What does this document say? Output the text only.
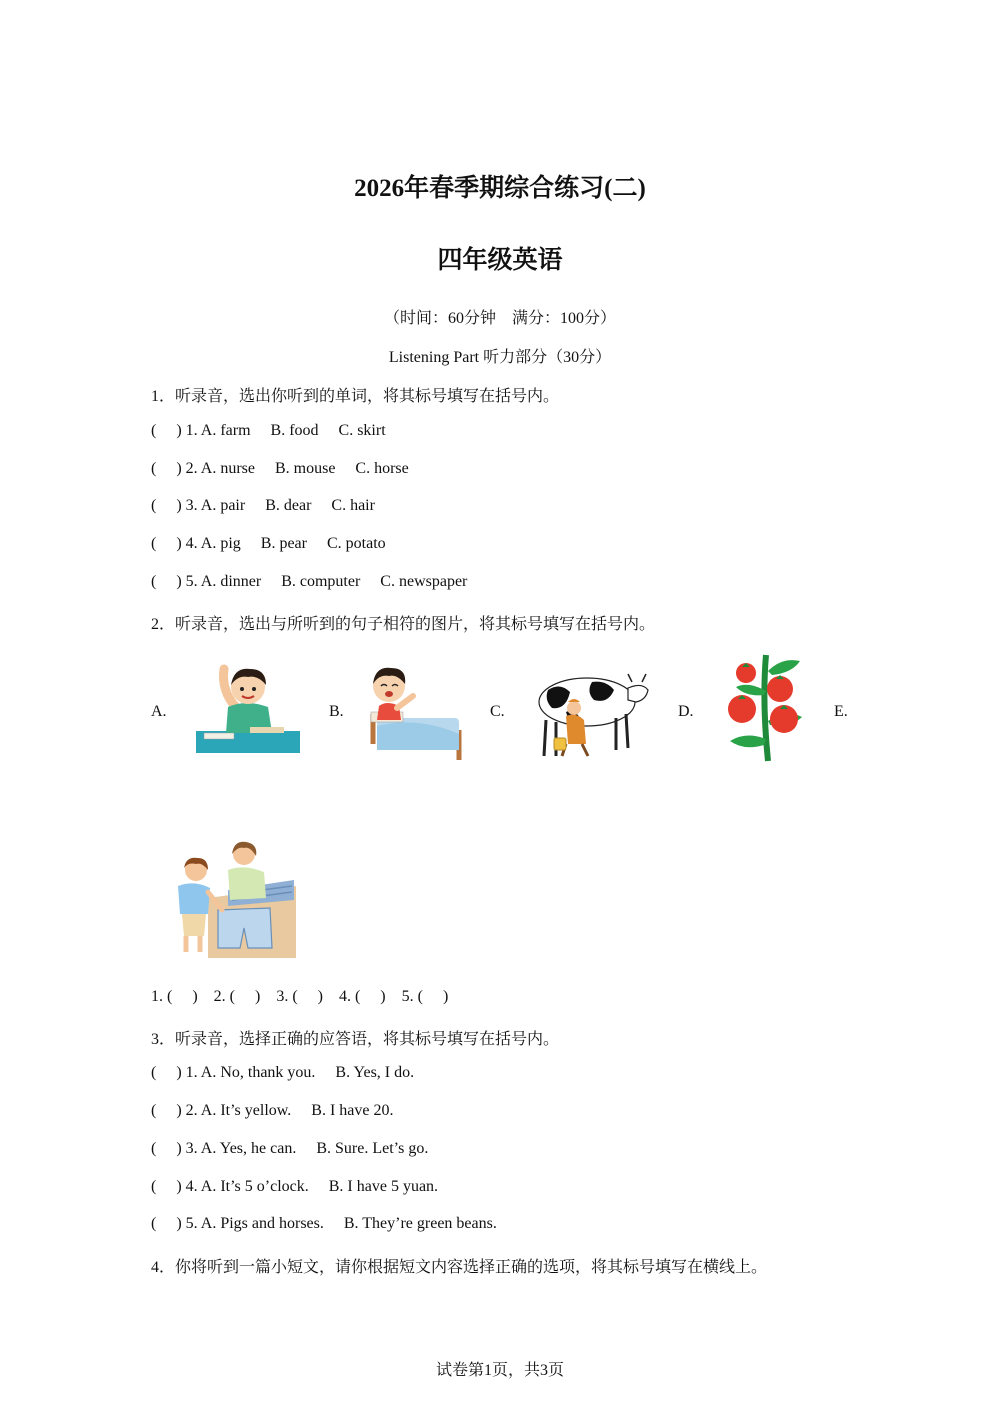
2026年春季期综合练习(二)
四年级英语
（时间：60分钟　满分：100分）
Listening Part 听力部分（30分）
1．听录音，选出你听到的单词，将其标号填写在括号内。
(     ) 1. A. farm     B. food     C. skirt
(     ) 2. A. nurse     B. mouse     C. horse
(     ) 3. A. pair     B. dear     C. hair
(     ) 4. A. pig     B. pear     C. potato
(     ) 5. A. dinner     B. computer     C. newspaper
2．听录音，选出与所听到的句子相符的图片，将其标号填写在括号内。
A.	B.	C.	D.	E.
1. (     )    2. (     )    3. (     )    4. (     )    5. (     )
3．听录音，选择正确的应答语，将其标号填写在括号内。
(     ) 1. A. No, thank you.     B. Yes, I do.
(     ) 2. A. It’s yellow.     B. I have 20.
(     ) 3. A. Yes, he can.     B. Sure. Let’s go.
(     ) 4. A. It’s 5 o’clock.     B. I have 5 yuan.
(     ) 5. A. Pigs and horses.     B. They’re green beans.
4．你将听到一篇小短文，请你根据短文内容选择正确的选项，将其标号填写在横线上。
试卷第1页，共3页
